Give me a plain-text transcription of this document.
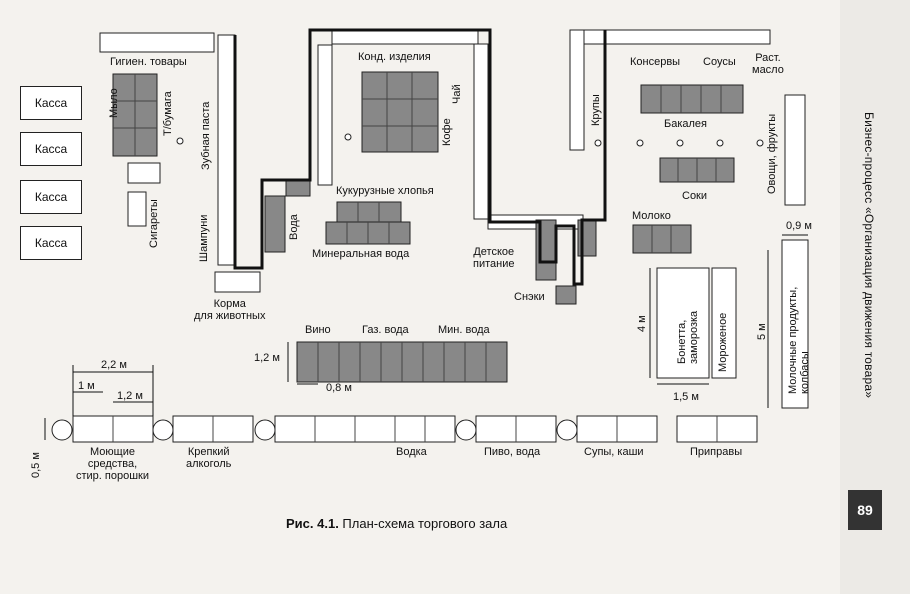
Касса
Касса
Касса
Касса
Гигиен. товары
Мыло	Т/бумага Зубная паста
Сигареты	Шампуни	Вода
Корма
для животных
Конд. изделия
Чай
Кофе
Кукурузные хлопья
Минеральная вода	Детское
питание
Снэки
Крупы
Консервы Соусы Раст.
масло
Бакалея	Овощи, фрукты
Соки
Молоко
Бонетта,
заморозка Мороженое	Молочные продукты,
колбасы
Вино	Газ. вода	Мин. вода
Моющие
средства,
стир. порошки
Крепкий
алкоголь
Водка	Пиво, вода	Супы, каши	Приправы
2,2 м
1 м
1,2 м
0,5 м
1,2 м
0,8 м
0,9 м
4 м	5 м
1,5 м
Рис. 4.1. План-схема торгового зала
Бизнес-процесс «Организация движения товара»
89
